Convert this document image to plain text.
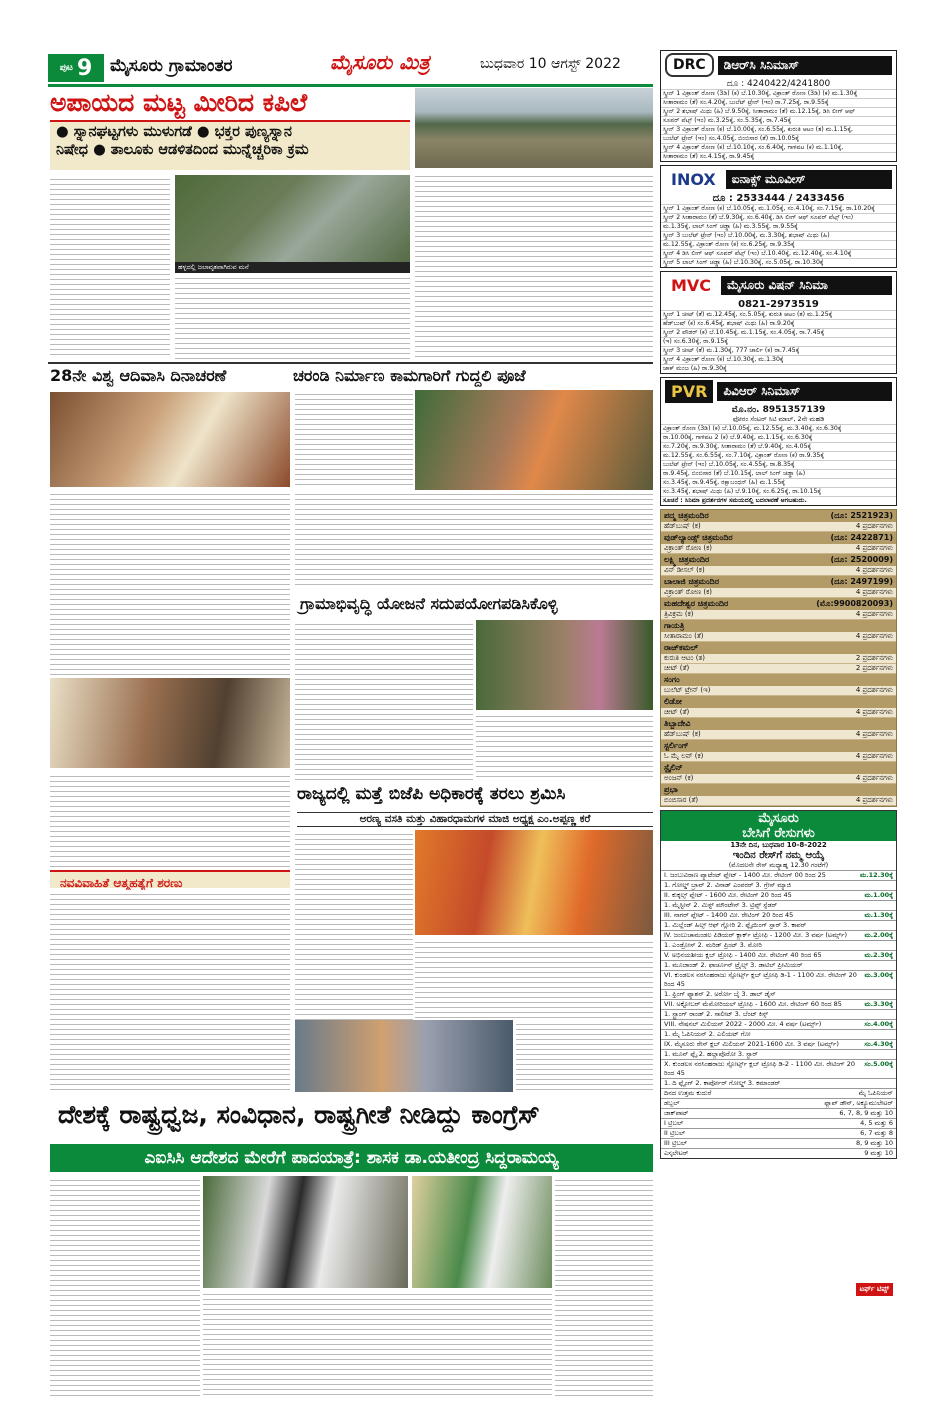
ಪುಟ 9 ಮೈಸೂರು ಗ್ರಾಮಾಂತರ	ಮೈಸೂರು ಮಿತ್ರ	ಬುಧವಾರ 10 ಆಗಸ್ಟ್ 2022
ಅಪಾಯದ ಮಟ್ಟ ಮೀರಿದ ಕಪಿಲೆ
● ಸ್ನಾನಘಟ್ಟಗಳು ಮುಳುಗಡೆ ● ಭಕ್ತರ ಪುಣ್ಯಸ್ನಾನ
ನಿಷೇಧ ● ತಾಲೂಕು ಆಡಳಿತದಿಂದ ಮುನ್ನೆಚ್ಚರಿಕಾ ಕ್ರಮ
ಹಳ್ಳದಲ್ಲಿ ಜಲಾವೃತವಾಗಿರುವ ಮನೆ
28ನೇ ವಿಶ್ವ ಆದಿವಾಸಿ ದಿನಾಚರಣೆ	ಚರಂಡಿ ನಿರ್ಮಾಣ ಕಾಮಗಾರಿಗೆ ಗುದ್ದಲಿ ಪೂಜೆ
ಗ್ರಾಮಾಭಿವೃದ್ಧಿ ಯೋಜನೆ ಸದುಪಯೋಗಪಡಿಸಿಕೊಳ್ಳಿ
ರಾಜ್ಯದಲ್ಲಿ ಮತ್ತೆ ಬಿಜೆಪಿ ಅಧಿಕಾರಕ್ಕೆ ತರಲು ಶ್ರಮಿಸಿ
ಅರಣ್ಯ ವಸತಿ ಮತ್ತು ವಿಹಾರಧಾಮಗಳ ಮಾಜಿ ಅಧ್ಯಕ್ಷ ಎಂ.ಅಪ್ಪಣ್ಣ ಕರೆ
ನವವಿವಾಹಿತೆ ಆತ್ಮಹತ್ಯೆಗೆ ಶರಣು
ದೇಶಕ್ಕೆ ರಾಷ್ಟ್ರಧ್ವಜ, ಸಂವಿಧಾನ, ರಾಷ್ಟ್ರಗೀತೆ ನೀಡಿದ್ದು ಕಾಂಗ್ರೆಸ್
ಎಐಸಿಸಿ ಆದೇಶದ ಮೇರೆಗೆ ಪಾದಯಾತ್ರೆ: ಶಾಸಕ ಡಾ.ಯತೀಂದ್ರ ಸಿದ್ದರಾಮಯ್ಯ
DRC	ಡಿಆರ್‌ಸಿ ಸಿನಿಮಾಸ್
ದೂ : 4240422/4241800
ಸ್ಕ್ರೀನ್ 1 ವಿಕ್ರಾಂತ್ ರೋಣ (3ಡಿ) (ಕ) ಬೆ.10.30ಕ್ಕೆ, ವಿಕ್ರಾಂತ್ ರೋಣ (3ಡಿ) (ಕ) ಮ.1.30ಕ್ಕೆ
ಸೀತಾರಾಮಂ (ತೆ) ಸಂ.4.20ಕ್ಕೆ, ಬುಲೆಟ್ ಟ್ರೇನ್ (ಇಂ) ರಾ.7.25ಕ್ಕೆ, ರಾ.9.55ಕ್ಕೆ
ಸ್ಕ್ರೀನ್ 2 ಶಭಾಷ್ ಮಿಥು (ಹಿ) ಬೆ.9.50ಕ್ಕೆ, ಸೀತಾರಾಮಂ (ತೆ) ಮ.12.15ಕ್ಕೆ, ಡಿಸಿ ಲೀಗ್ ಆಫ್
ಸೂಪರ್ ಪೆಟ್ಸ್ (ಇಂ) ಮ.3.25ಕ್ಕೆ, ಸಂ.5.35ಕ್ಕೆ, ರಾ.7.45ಕ್ಕೆ
ಸ್ಕ್ರೀನ್ 3 ವಿಕ್ರಾಂತ್ ರೋಣ (ಕ) ಬೆ.10.00ಕ್ಕೆ, ಸಂ.6.55ಕ್ಕೆ, ಕುರುತಿ ಆಟಂ (ತ) ಮ.1.15ಕ್ಕೆ,
ಬುಲೆಟ್ ಟ್ರೇನ್ (ಇಂ) ಸಂ.4.05ಕ್ಕೆ, ಬಿಂಬಿಸಾರ (ತೆ) ರಾ.10.05ಕ್ಕೆ
ಸ್ಕ್ರೀನ್ 4 ವಿಕ್ರಾಂತ್ ರೋಣ (ಕ) ಬೆ.10.10ಕ್ಕೆ, ಸಂ.6.40ಕ್ಕೆ, ಗಾಳಿಪಟ (ಕ) ಮ.1.10ಕ್ಕೆ,
ಸೀತಾರಾಮಂ (ತೆ) ಸಂ.4.15ಕ್ಕೆ, ರಾ.9.45ಕ್ಕೆ
INOX	ಐನಾಕ್ಸ್ ಮೂವೀಸ್
ದೂ : 2533444 / 2433456
ಸ್ಕ್ರೀನ್ 1 ವಿಕ್ರಾಂತ್ ರೋಣ (ಕ) ಬೆ.10.05ಕ್ಕೆ, ಮ.1.05ಕ್ಕೆ, ಸಂ.4.10ಕ್ಕೆ, ಸಂ.7.15ಕ್ಕೆ, ರಾ.10.20ಕ್ಕೆ
ಸ್ಕ್ರೀನ್ 2 ಸೀತಾರಾಮಂ (ತೆ) ಬೆ.9.30ಕ್ಕೆ, ಸಂ.6.40ಕ್ಕೆ, ಡಿಸಿ ಲೀಗ್ ಆಫ್ ಸೂಪರ್ ಪೆಟ್ಸ್ (ಇಂ)
ಮ.1.35ಕ್ಕೆ, ಲಾಲ್ ಸಿಂಗ್ ಚಡ್ಡಾ (ಹಿ) ಮ.3.55ಕ್ಕೆ, ರಾ.9.55ಕ್ಕೆ
ಸ್ಕ್ರೀನ್ 3 ಬುಲೆಟ್ ಟ್ರೇನ್ (ಇಂ) ಬೆ.10.00ಕ್ಕೆ, ಮ.3.30ಕ್ಕೆ, ಶಭಾಷ್ ಮಿಥು (ಹಿ)
ಮ.12.55ಕ್ಕೆ, ವಿಕ್ರಾಂತ್ ರೋಣ (ಕ) ಸಂ.6.25ಕ್ಕೆ, ರಾ.9.35ಕ್ಕೆ
ಸ್ಕ್ರೀನ್ 4 ಡಿಸಿ ಲೀಗ್ ಆಫ್ ಸೂಪರ್ ಪೆಟ್ಸ್ (ಇಂ) ಬೆ.10.40ಕ್ಕೆ, ಮ.12.40ಕ್ಕೆ, ಸಂ.4.10ಕ್ಕೆ
ಸ್ಕ್ರೀನ್ 5 ಲಾಲ್ ಸಿಂಗ್ ಚಡ್ಡಾ (ಹಿ) ಬೆ.10.30ಕ್ಕೆ, ಸಂ.5.05ಕ್ಕೆ, ರಾ.10.30ಕ್ಕೆ
MVC	ಮೈಸೂರು ವಿಷನ್ ಸಿನಿಮಾ
0821-2973519
ಸ್ಕ್ರೀನ್ 1 ಚೀಟ್ (ತೆ) ಮ.12.45ಕ್ಕೆ, ಸಂ.5.05ಕ್ಕೆ, ಕುರುತಿ ಆಟಂ (ತ) ಮ.1.25ಕ್ಕೆ
ಹೆಡ್‌ಬುಷ್ (ಕ) ಸಂ.6.45ಕ್ಕೆ, ಶಭಾಷ್ ಮಿಥು (ಹಿ) ರಾ.9.20ಕ್ಕೆ
ಸ್ಕ್ರೀನ್ 2 ಪೌಡರ್ (ಕ) ಬೆ.10.45ಕ್ಕೆ, ಮ.1.15ಕ್ಕೆ, ಸಂ.4.05ಕ್ಕೆ, ರಾ.7.45ಕ್ಕೆ
(ಇ) ಸಂ.6.30ಕ್ಕೆ, ರಾ.9.15ಕ್ಕೆ
ಸ್ಕ್ರೀನ್ 3 ಚೀಟ್ (ತೆ) ಮ.1.30ಕ್ಕೆ, 777 ಚಾರ್ಲಿ (ಕ) ರಾ.7.45ಕ್ಕೆ
ಸ್ಕ್ರೀನ್ 4 ವಿಕ್ರಾಂತ್ ರೋಣ (ಕ) ಬೆ.10.30ಕ್ಕೆ, ಮ.1.30ಕ್ಕೆ
ಜಾಕ್ ಮಂಜ (ಹಿ) ರಾ.9.30ಕ್ಕೆ
PVR	ಪಿವಿಆರ್ ಸಿನಿಮಾಸ್
ಮೊ.ನಂ. 8951357139
ಫೋರಂ ಸೆಂಟರ್ ಸಿಟಿ ಮಾಲ್, 2ನೇ ಮಹಡಿ
ವಿಕ್ರಾಂತ್ ರೋಣ (3ಡಿ) (ಕ) ಬೆ.10.05ಕ್ಕೆ, ಮ.12.55ಕ್ಕೆ, ಮ.3.40ಕ್ಕೆ, ಸಂ.6.30ಕ್ಕೆ
ರಾ.10.00ಕ್ಕೆ, ಗಾಳಿಪಟ 2 (ಕ) ಬೆ.9.40ಕ್ಕೆ, ಮ.1.15ಕ್ಕೆ, ಸಂ.6.30ಕ್ಕೆ
ಸಂ.7.20ಕ್ಕೆ, ರಾ.9.30ಕ್ಕೆ, ಸೀತಾರಾಮಂ (ತೆ) ಬೆ.9.40ಕ್ಕೆ, ಸಂ.4.05ಕ್ಕೆ
ಮ.12.55ಕ್ಕೆ, ಸಂ.6.55ಕ್ಕೆ, ಸಂ.7.10ಕ್ಕೆ, ವಿಕ್ರಾಂತ್ ರೋಣ (ಕ) ರಾ.9.35ಕ್ಕೆ
ಬುಲೆಟ್ ಟ್ರೇನ್ (ಇಂ) ಬೆ.10.05ಕ್ಕೆ, ಸಂ.4.55ಕ್ಕೆ, ರಾ.8.35ಕ್ಕೆ
ರಾ.9.45ಕ್ಕೆ, ಬಿಂಬಿಸಾರ (ತೆ) ಬೆ.10.15ಕ್ಕೆ, ಲಾಲ್ ಸಿಂಗ್ ಚಡ್ಡಾ (ಹಿ)
ಸಂ.3.45ಕ್ಕೆ, ರಾ.9.45ಕ್ಕೆ, ರಕ್ಷಾಬಂಧನ್ (ಹಿ) ಮ.1.55ಕ್ಕೆ
ಸಂ.3.45ಕ್ಕೆ, ಶಭಾಷ್ ಮಿಥು (ಹಿ) ಬೆ.9.10ಕ್ಕೆ, ಸಂ.6.25ಕ್ಕೆ, ರಾ.10.15ಕ್ಕೆ
ಸೂಚನೆ : ಸಿನಿಮಾ ಪ್ರದರ್ಶನಗಳ ಸಮಯದಲ್ಲಿ ಬದಲಾವಣೆ ಆಗಬಹುದು.
ಪದ್ಮ ಚಿತ್ರಮಂದಿರ	(ದೂ: 2521923)
ಹೆಡ್‌ಬುಷ್ (ಕ)	4 ಪ್ರದರ್ಶನಗಳು
ವುಡ್‌ಲ್ಯಾಂಡ್ಸ್ ಚಿತ್ರಮಂದಿರ	(ದೂ: 2422871)
ವಿಕ್ರಾಂತ್ ರೋಣ (ಕ)	4 ಪ್ರದರ್ಶನಗಳು
ಲಕ್ಷ್ಮಿ ಚಿತ್ರಮಂದಿರ	(ದೂ: 2520009)
ವಿನ್ ಡೀಸಲ್ (ಕ)	4 ಪ್ರದರ್ಶನಗಳು
ಬಾಲಾಜಿ ಚಿತ್ರಮಂದಿರ	(ದೂ: 2497199)
ವಿಕ್ರಾಂತ್ ರೋಣ (ಕ)	4 ಪ್ರದರ್ಶನಗಳು
ಮಹದೇಶ್ವರ ಚಿತ್ರಮಂದಿರ	(ಮೊ:9900820093)
ತ್ರಿವಿಕ್ರಮ (ಕ)	4 ಪ್ರದರ್ಶನಗಳು
ಗಾಯತ್ರಿ
ಸೀತಾರಾಮಂ (ತೆ)	4 ಪ್ರದರ್ಶನಗಳು
ರಾಜ್‌ಕಮಲ್
ಕುರುತಿ ಆಟಂ (ತ)	2 ಪ್ರದರ್ಶನಗಳು
ಚೀಟ್ (ತೆ)	2 ಪ್ರದರ್ಶನಗಳು
ಸಂಗಂ
ಬುಲೆಟ್ ಟ್ರೇನ್ (ಇ)	4 ಪ್ರದರ್ಶನಗಳು
ಲಿಡೋ
ಚೀಟ್ (ತೆ)	4 ಪ್ರದರ್ಶನಗಳು
ತಿಬ್ಬಾದೇವಿ
ಹೆಡ್‌ಬುಷ್ (ಕ)	4 ಪ್ರದರ್ಶನಗಳು
ಸ್ಟರ್ಲಿಂಗ್
ಓ ಮೈ ಲವ್ (ಕ)	4 ಪ್ರದರ್ಶನಗಳು
ಸ್ಟೈಲಿನ್
ಅಂಜನ್ (ಕ)	4 ಪ್ರದರ್ಶನಗಳು
ಪ್ರಭಾ
ಬಿಂಬಿಸಾರ (ತೆ)	4 ಪ್ರದರ್ಶನಗಳು
ಮೈಸೂರು
ಬೇಸಿಗೆ ರೇಸುಗಳು
13ನೇ ದಿನ, ಬುಧವಾರ 10-8-2022
ಇಂದಿನ ರೇಸ್‌ಗೆ ನಮ್ಮ ಆಯ್ಕೆ
(ಮೊದಲನೇ ರೇಸ್ ಮಧ್ಯಾಹ್ನ 12.30 ಗಂಟೆಗೆ)
I. ಜಂಬುವಿರಾಣ ಪ್ಯಾಟೆಂಟ್ ಪ್ಲೇಟ್ - 1400 ಮೀ. ರೇಟಿಂಗ್ 00 ರಿಂದ 25	ಮ.12.30ಕ್ಕೆ
1. ಗೋಲ್ಡ್ ಬ್ರಾವ್ 2. ವಿನಾಡ್ ಎಂಪರರ್ 3. ಗ್ರೇಸ್ ಮ್ಯಾಜಿ
II. ಕುಕ್ಕಲ್ಸ್ ಪ್ಲೇಟ್ - 1600 ಮೀ. ರೇಟಿಂಗ್ 20 ರಿಂದ 45	ಮ.1.00ಕ್ಕೆ
1. ಮೈಸ್ಟೀನ್ 2. ಮಿಸ್ಟ್ ಮೌಂಟೇನ್ 3. ಟ್ರಿಪ್ಪ್ ಸ್ಪೆಡರ್
III. ನಾಗರ್ ಪ್ಲೇಟ್ - 1400 ಮೀ. ರೇಟಿಂಗ್ 20 ರಿಂದ 45	ಮ.1.30ಕ್ಕೆ
1. ಮಿಲ್ಲೆಂಡ್ ಹಿಲ್ಸ್ ಆಫ್ ಗ್ಲೋರಿ 2. ಫ್ಲೈಯಿಂಗ್ ಸ್ಪಾರ್ 3. ಕಾಪರ್
IV. ಜಂಬುಚಾಮಂಡಲ ಪಿಡಿಯರ್ ಕ್ಲಾರ್ಕ್ ಟ್ರೋಫಿ - 1200 ಮೀ. 3 ವರ್ಷ (ಟರ್ಮ್ಸ್)	ಮ.2.00ಕ್ಕೆ
1. ಎಂಡ್ರೋಸ್ 2. ಮರಿಡ್ ಪ್ರಿಂಟ್ 3. ಮೋರಿ
V. ಅಭಿನಯಶೀಯ ಕ್ಲಬ್ ಟ್ರೋಫಿ - 1400 ಮೀ. ರೇಟಿಂಗ್ 40 ರಿಂದ 65	ಮ.2.30ಕ್ಕೆ
1. ಮೂಜಾಂಡ್ 2. ಫಾರ್ಚೂನ್ ಟ್ರೈಲ್ಸ್ 3. ಡಾಟಿಲ್ ಪ್ರೀಮಿಯರ್
VI. ಕುಂಡಲಸ ನರಸಿಂಹರಾಜು ಸ್ಪೋರ್ಟ್ಸ್ ಕ್ಲಬ್ ಟ್ರೋಫಿ ಡಿ-1 - 1100 ಮೀ. ರೇಟಿಂಗ್ 20 ರಿಂದ 45
ಮ.3.00ಕ್ಕೆ
1. ಫ್ರಿಂಗ್ ಫ್ಯಾಶನ್ 2. ಅರ್ರೋ ಬೈ 3. ಡಾಲ್ ಡೈಸ್
VII. ಅಕ್ಟೋಬರ್ ಮೆಮೋರಿಯಲ್ ಟ್ರೋಫಿ - 1600 ಮೀ. ರೇಟಿಂಗ್ 60 ರಿಂದ 85	ಮ.3.30ಕ್ಕೆ
1. ಸ್ಟ್ರಾಂಗ್ ರಾಂಡ್ 2. ಸಾಲೀಟ್ 3. ಬೆಂಟ್ ಕಿಸ್ಸ್
VIII. ನೇಷನಲ್ ಮಿಲಿಯನ್ 2022 - 2000 ಮೀ. 4 ವರ್ಷ (ಟರ್ಮ್ಸ್)	ಸಂ.4.00ಕ್ಕೆ
1. ಮೈ ಓಪಿನಿಯನ್ 2. ಎಲಿಯಟ್ ಗೋ
IX. ಮೈಸೂರು ರೇಸ್ ಕ್ಲಬ್ ಮಿಲಿಯನ್ 2021-1600 ಮೀ. 3 ವರ್ಷ (ಟರ್ಮ್ಸ್)	ಸಂ.4.30ಕ್ಕೆ
1. ಮೂನ್ ಫ್ಲೈ 2. ಹಲ್ಲಾಪೊರೋ 3. ಸ್ಟಾರ್
X. ಕುಂಡಲಸ ನರಸಿಂಹರಾಜು ಸ್ಪೋರ್ಟ್ಸ್ ಕ್ಲಬ್ ಟ್ರೋಫಿ ಡಿ-2 - 1100 ಮೀ. ರೇಟಿಂಗ್ 20 ರಿಂದ 45
ಸಂ.5.00ಕ್ಕೆ
1. ದಿ ಫ್ಲೈಂಗ್ 2. ಕಾರ್ಪೋರ್ ಗೋಲ್ಡ್ 3. ಕಮಾಂಡರ್
ದಿನದ ಉತ್ತಮ ಕುದುರೆ	ಮೈ ಓಪಿನಿಯನ್
ಡಬ್ಬಲ್	ಫ್ಲಾಪ್ ಡೌನ್, ಅಕ್ಯೂಮುಲೇಟರ್
ಜಾಕ್‌ಪಾಟ್	6, 7, 8, 9 ಮತ್ತು 10
I ಟ್ರಿಬಲ್	4, 5 ಮತ್ತು 6
II ಟ್ರಿಬಲ್	6, 7 ಮತ್ತು 8
III ಟ್ರಿಬಲ್	8, 9 ಮತ್ತು 10
ಎಸ್ಕಲೇಟರ್	9 ಮತ್ತು 10
ಟರ್ಫ್ ಟಿಪ್ಸ್
